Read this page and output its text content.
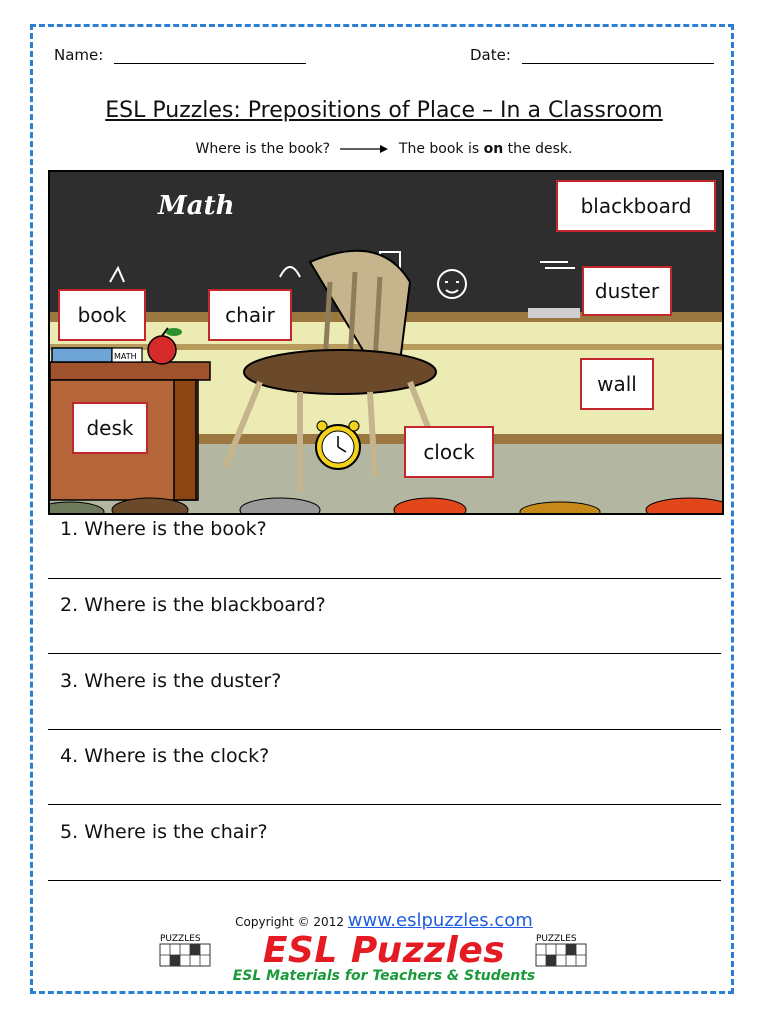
Name:	Date:
ESL Puzzles: Prepositions of Place – In a Classroom
Where is the book?	The book is on the desk.
Math
MATH
blackboard
duster
book	chair
wall
desk
clock
1. Where is the book?
2. Where is the blackboard?
3. Where is the duster?
4. Where is the clock?
5. Where is the chair?
Copyright © 2012 www.eslpuzzles.com
PUZZLES	PUZZLES
ESL Puzzles
ESL Materials for Teachers & Students
